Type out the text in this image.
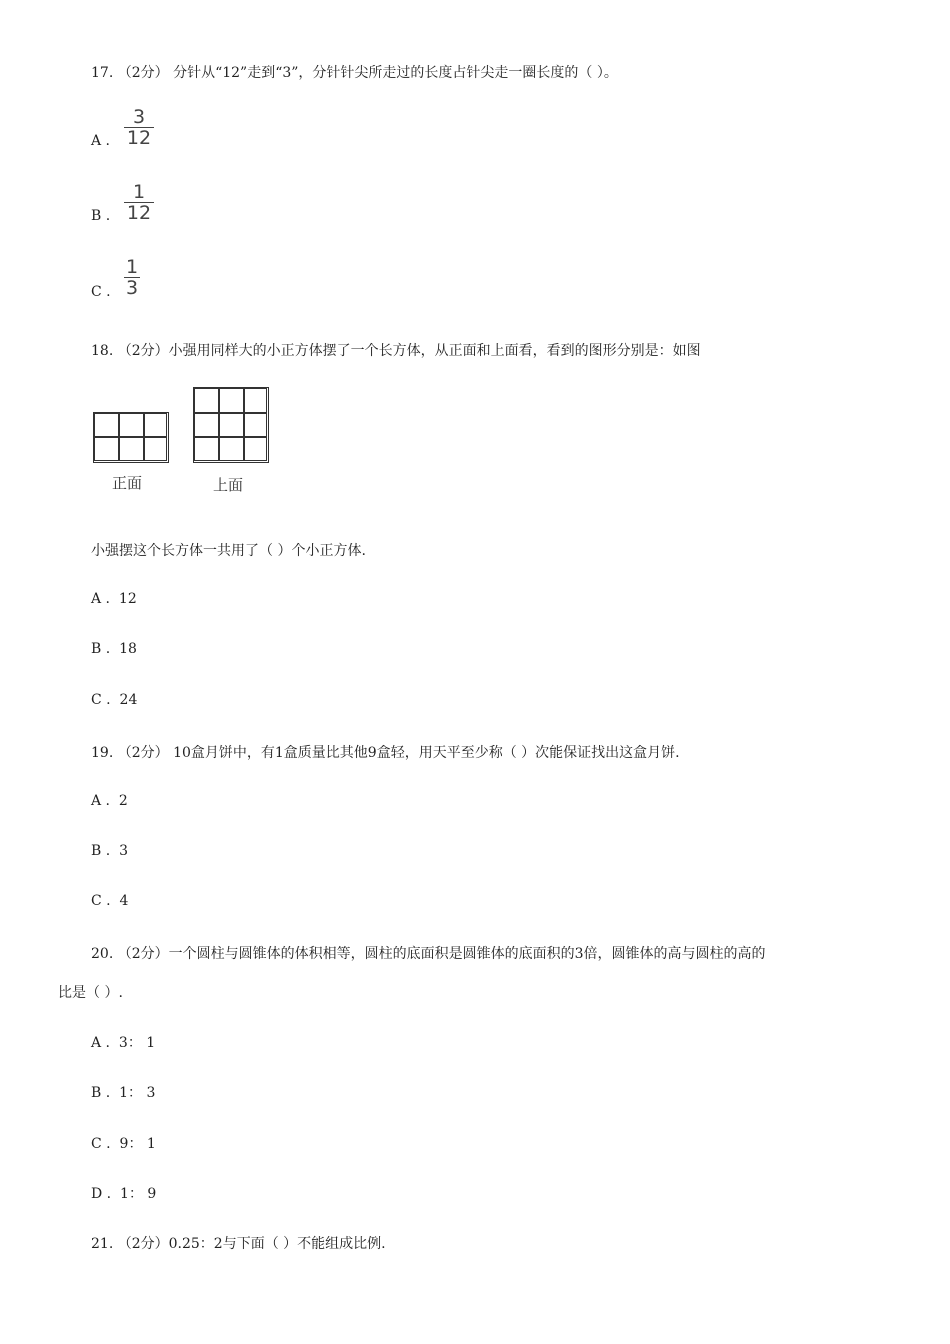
17. （2分） 分针从“12”走到“3”，分针针尖所走过的长度占针尖走一圈长度的（ ）。
A .
3
12
B .
1
12
C .
1
3
18. （2分）小强用同样大的小正方体摆了一个长方体，从正面和上面看，看到的图形分别是：如图
正面	上面
小强摆这个长方体一共用了（ ）个小正方体.
A . 12
B . 18
C . 24
19. （2分） 10盒月饼中，有1盒质量比其他9盒轻，用天平至少称（ ）次能保证找出这盒月饼.
A . 2
B . 3
C . 4
20. （2分）一个圆柱与圆锥体的体积相等，圆柱的底面积是圆锥体的底面积的3倍，圆锥体的高与圆柱的高的
比是（ ）.
A . 3： 1
B . 1： 3
C . 9： 1
D . 1： 9
21. （2分）0.25：2与下面（ ）不能组成比例.
